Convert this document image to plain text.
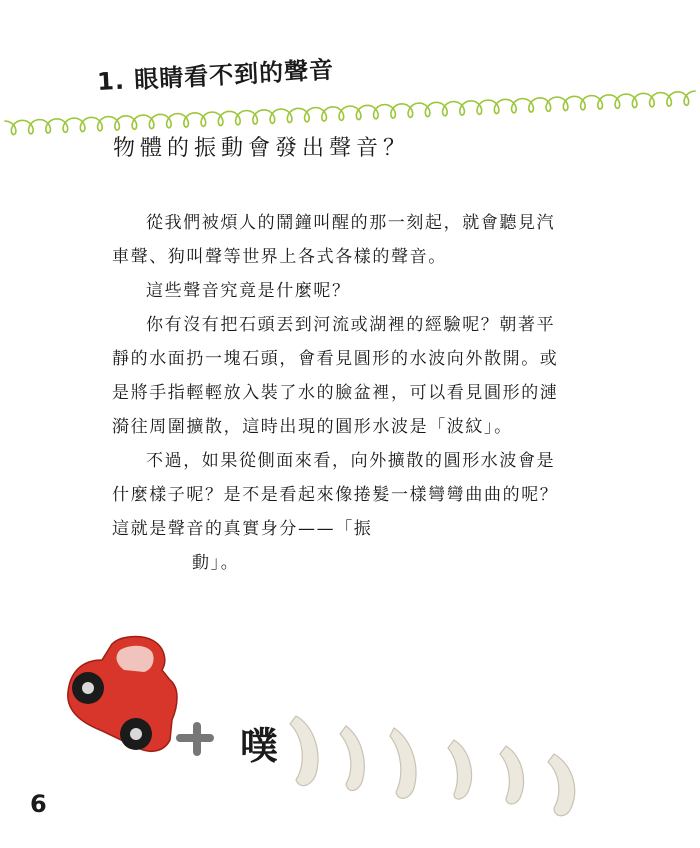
1. 眼睛看不到的聲音
物體的振動會發出聲音？

從我們被煩人的鬧鐘叫醒的那一刻起，就會聽見汽車聲、狗叫聲等世界上各式各樣的聲音。

這些聲音究竟是什麼呢？

你有沒有把石頭丟到河流或湖裡的經驗呢？朝著平靜的水面扔一塊石頭，會看見圓形的水波向外散開。或是將手指輕輕放入裝了水的臉盆裡，可以看見圓形的漣漪往周圍擴散，這時出現的圓形水波是「波紋」。

不過，如果從側面來看，向外擴散的圓形水波會是什麼樣子呢？是不是看起來像捲髮一樣彎彎曲曲的呢？這就是聲音的真實身分——「振

動」。

噗
6
